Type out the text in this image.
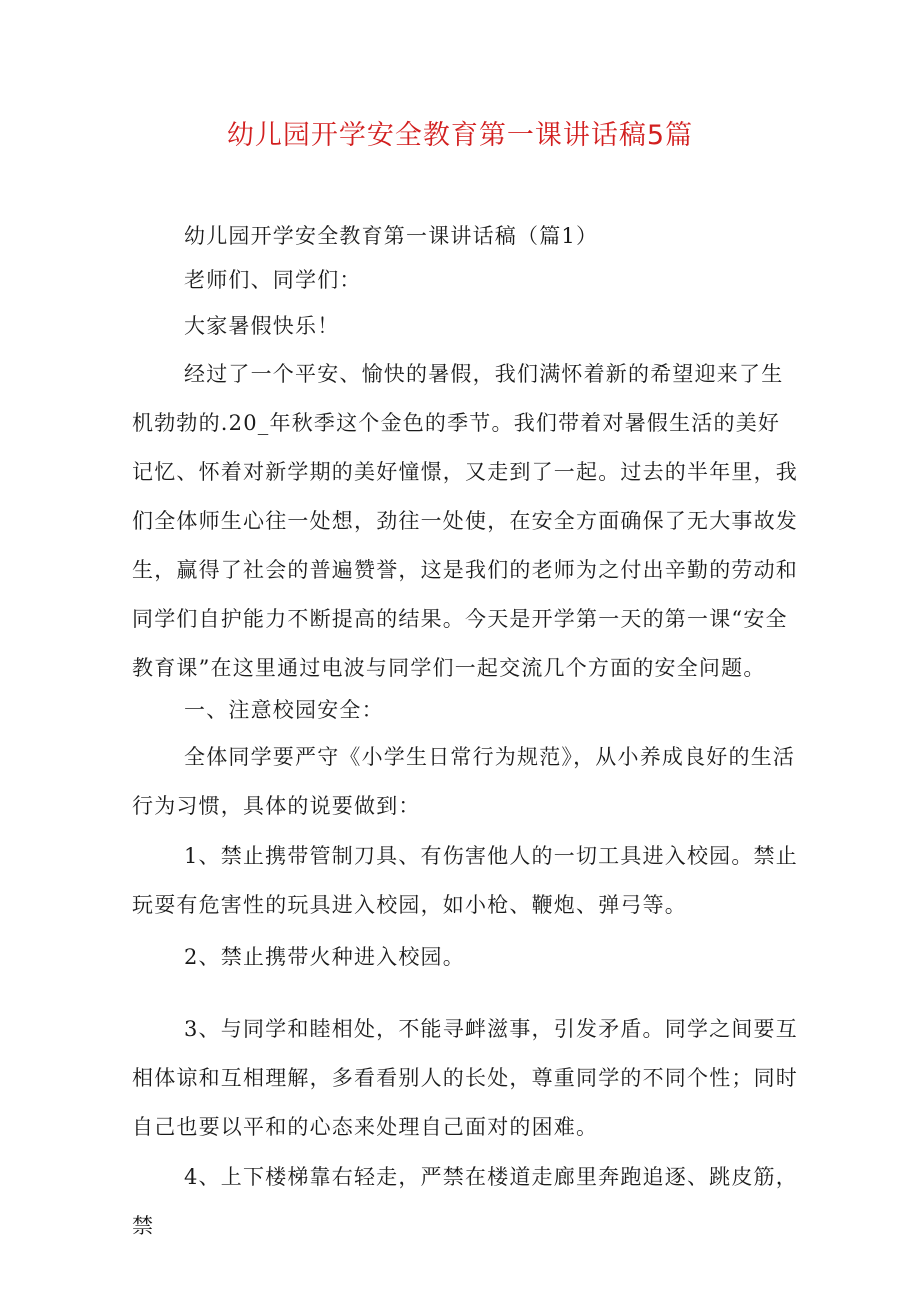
幼儿园开学安全教育第一课讲话稿5篇
幼儿园开学安全教育第一课讲话稿（篇1）
老师们、同学们：
大家暑假快乐！
经过了一个平安、愉快的暑假，我们满怀着新的希望迎来了生机勃勃的.20_年秋季这个金色的季节。我们带着对暑假生活的美好记忆、怀着对新学期的美好憧憬，又走到了一起。过去的半年里，我们全体师生心往一处想，劲往一处使，在安全方面确保了无大事故发生，赢得了社会的普遍赞誉，这是我们的老师为之付出辛勤的劳动和同学们自护能力不断提高的结果。今天是开学第一天的第一课“安全教育课”在这里通过电波与同学们一起交流几个方面的安全问题。
一、注意校园安全：
全体同学要严守《小学生日常行为规范》，从小养成良好的生活行为习惯，具体的说要做到：
1、禁止携带管制刀具、有伤害他人的一切工具进入校园。禁止玩耍有危害性的玩具进入校园，如小枪、鞭炮、弹弓等。
2、禁止携带火种进入校园。
3、与同学和睦相处，不能寻衅滋事，引发矛盾。同学之间要互相体谅和互相理解，多看看别人的长处，尊重同学的不同个性；同时自己也要以平和的心态来处理自己面对的困难。
4、上下楼梯靠右轻走，严禁在楼道走廊里奔跑追逐、跳皮筋，禁
